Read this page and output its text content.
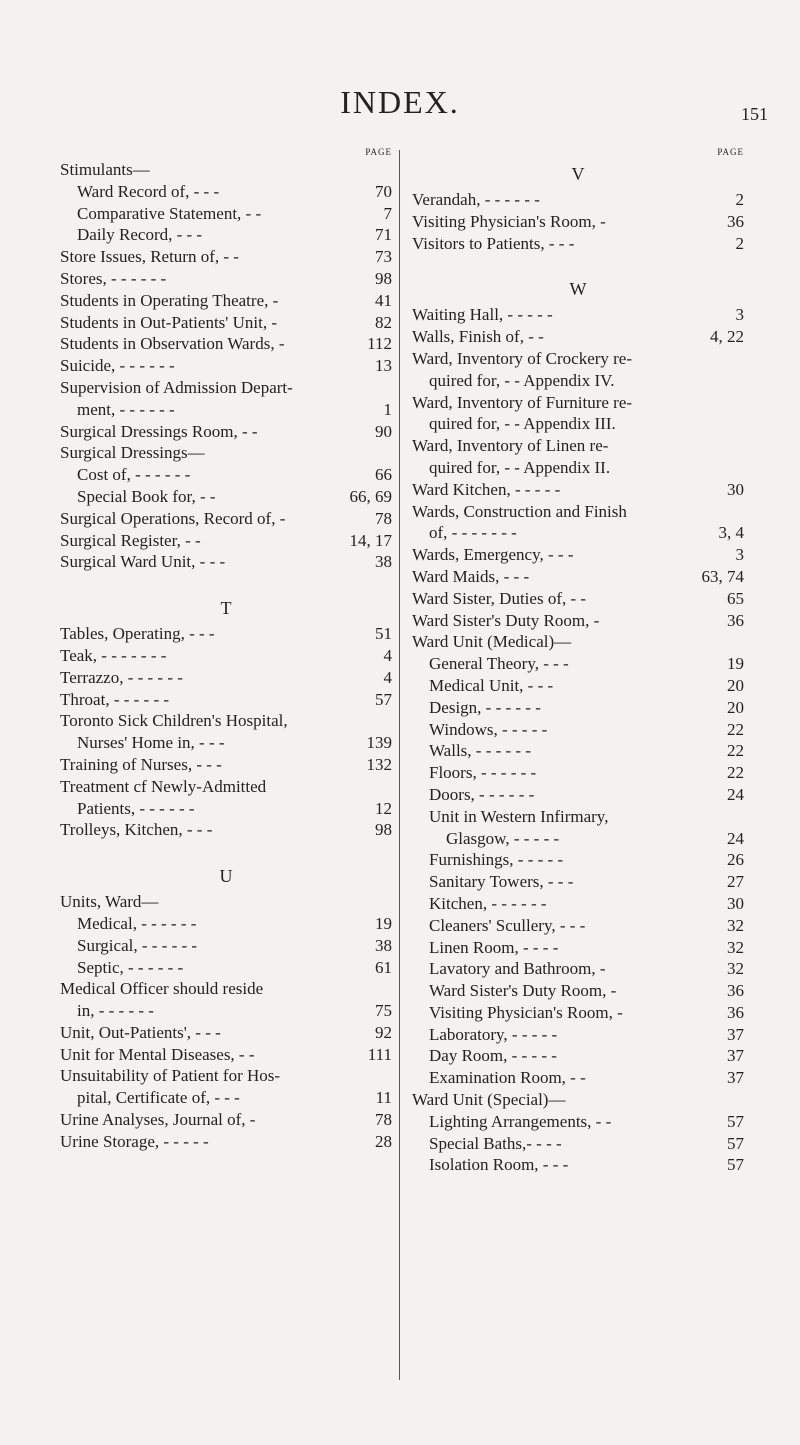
INDEX.	151
PAGE
Stimulants—
Ward Record of, - - -	70
Comparative Statement, - -	7
Daily Record, - - -	71
Store Issues, Return of, - -	73
Stores, - - - - - -	98
Students in Operating Theatre, -	41
Students in Out-Patients' Unit, -	82
Students in Observation Wards, -	112
Suicide, - - - - - -	13
Supervision of Admission Depart-
ment, - - - - - -	1
Surgical Dressings Room, - -	90
Surgical Dressings—
Cost of, - - - - - -	66
Special Book for, - -	66, 69
Surgical Operations, Record of, -	78
Surgical Register, - -	14, 17
Surgical Ward Unit, - - -	38
T
Tables, Operating, - - -	51
Teak, - - - - - - -	4
Terrazzo, - - - - - -	4
Throat, - - - - - -	57
Toronto Sick Children's Hospital,
Nurses' Home in, - - -	139
Training of Nurses, - - -	132
Treatment cf Newly-Admitted
Patients, - - - - - -	12
Trolleys, Kitchen, - - -	98
U
Units, Ward—
Medical, - - - - - -	19
Surgical, - - - - - -	38
Septic, - - - - - -	61
Medical Officer should reside
in, - - - - - -	75
Unit, Out-Patients', - - -	92
Unit for Mental Diseases, - -	111
Unsuitability of Patient for Hos-
pital, Certificate of, - - -	11
Urine Analyses, Journal of, -	78
Urine Storage, - - - - -	28
PAGE
V
Verandah, - - - - - -	2
Visiting Physician's Room, -	36
Visitors to Patients, - - -	2
W
Waiting Hall, - - - - -	3
Walls, Finish of, - -	4, 22
Ward, Inventory of Crockery re-
quired for, - - Appendix IV.
Ward, Inventory of Furniture re-
quired for, - - Appendix III.
Ward, Inventory of Linen re-
quired for, - - Appendix II.
Ward Kitchen, - - - - -	30
Wards, Construction and Finish
of, - - - - - - -	3, 4
Wards, Emergency, - - -	3
Ward Maids, - - -	63, 74
Ward Sister, Duties of, - -	65
Ward Sister's Duty Room, -	36
Ward Unit (Medical)—
General Theory, - - -	19
Medical Unit, - - -	20
Design, - - - - - -	20
Windows, - - - - -	22
Walls, - - - - - -	22
Floors, - - - - - -	22
Doors, - - - - - -	24
Unit in Western Infirmary,
Glasgow, - - - - -	24
Furnishings, - - - - -	26
Sanitary Towers, - - -	27
Kitchen, - - - - - -	30
Cleaners' Scullery, - - -	32
Linen Room, - - - -	32
Lavatory and Bathroom, -	32
Ward Sister's Duty Room, -	36
Visiting Physician's Room, -	36
Laboratory, - - - - -	37
Day Room, - - - - -	37
Examination Room, - -	37
Ward Unit (Special)—
Lighting Arrangements, - -	57
Special Baths,- - - -	57
Isolation Room, - - -	57
